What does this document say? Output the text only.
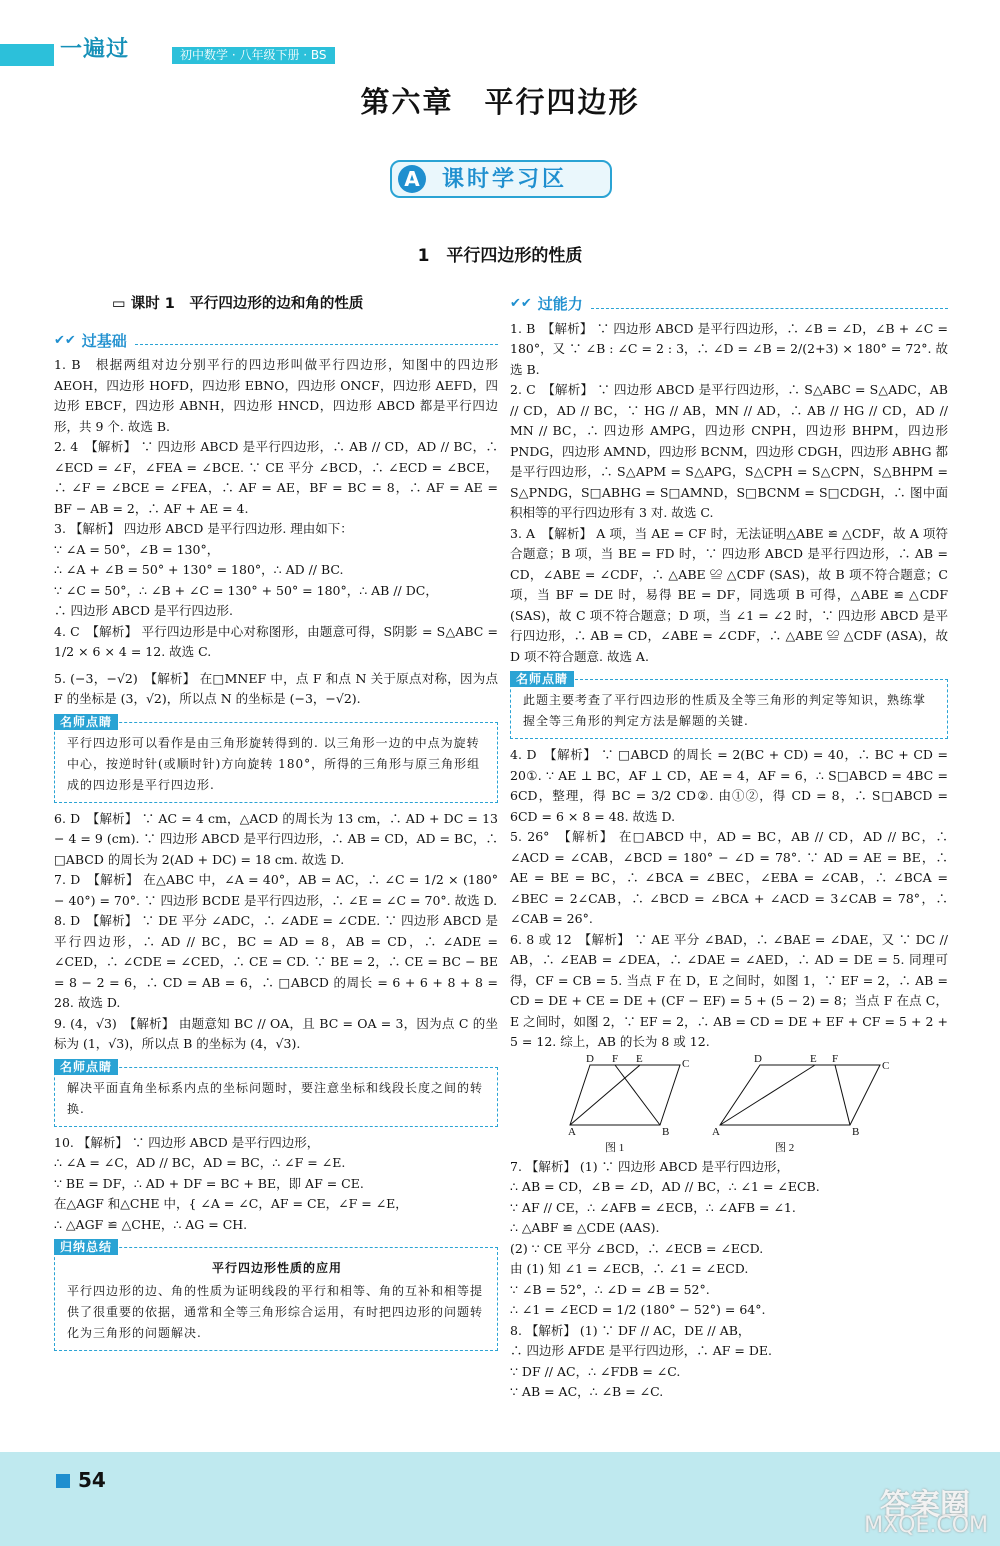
一遍过	初中数学 · 八年级下册 · BS
第六章　平行四边形
A 课时学习区
1　平行四边形的性质
▭ 课时 1　平行四边形的边和角的性质
✔✔ 过基础

1. B　根据两组对边分别平行的四边形叫做平行四边形，知图中的四边形 AEOH，四边形 HOFD，四边形 EBNO，四边形 ONCF，四边形 AEFD，四边形 EBCF，四边形 ABNH，四边形 HNCD，四边形 ABCD 都是平行四边形，共 9 个. 故选 B.

2. 4　【解析】 ∵ 四边形 ABCD 是平行四边形，∴ AB // CD，AD // BC，∴ ∠ECD = ∠F，∠FEA = ∠BCE. ∵ CE 平分 ∠BCD，∴ ∠ECD = ∠BCE，∴ ∠F = ∠BCE = ∠FEA，∴ AF = AE，BF = BC = 8，∴ AF = AE = BF − AB = 2，∴ AF + AE = 4.

3. 【解析】 四边形 ABCD 是平行四边形. 理由如下：

∵ ∠A = 50°，∠B = 130°，

∴ ∠A + ∠B = 50° + 130° = 180°，∴ AD // BC.

∵ ∠C = 50°，∴ ∠B + ∠C = 130° + 50° = 180°，∴ AB // DC，

∴ 四边形 ABCD 是平行四边形.

4. C　【解析】 平行四边形是中心对称图形，由题意可得，S阴影 = S△ABC = 1/2 × 6 × 4 = 12. 故选 C.

5. (−3，−√2)　【解析】 在□MNEF 中，点 F 和点 N 关于原点对称，因为点 F 的坐标是 (3，√2)，所以点 N 的坐标是 (−3，−√2).

名师点睛
平行四边形可以看作是由三角形旋转得到的. 以三角形一边的中点为旋转中心，按逆时针(或顺时针)方向旋转 180°，所得的三角形与原三角形组成的四边形是平行四边形.

6. D　【解析】 ∵ AC = 4 cm，△ACD 的周长为 13 cm，∴ AD + DC = 13 − 4 = 9 (cm). ∵ 四边形 ABCD 是平行四边形，∴ AB = CD，AD = BC，∴ □ABCD 的周长为 2(AD + DC) = 18 cm. 故选 D.

7. D　【解析】 在△ABC 中，∠A = 40°，AB = AC，∴ ∠C = 1/2 × (180° − 40°) = 70°. ∵ 四边形 BCDE 是平行四边形，∴ ∠E = ∠C = 70°. 故选 D.

8. D　【解析】 ∵ DE 平分 ∠ADC，∴ ∠ADE = ∠CDE. ∵ 四边形 ABCD 是平行四边形，∴ AD // BC，BC = AD = 8，AB = CD，∴ ∠ADE = ∠CED，∴ ∠CDE = ∠CED，∴ CE = CD. ∵ BE = 2，∴ CE = BC − BE = 8 − 2 = 6，∴ CD = AB = 6，∴ □ABCD 的周长 = 6 + 6 + 8 + 8 = 28. 故选 D.

9. (4，√3)　【解析】 由题意知 BC // OA，且 BC = OA = 3，因为点 C 的坐标为 (1，√3)，所以点 B 的坐标为 (4，√3).

名师点睛
解决平面直角坐标系内点的坐标问题时，要注意坐标和线段长度之间的转换.

10. 【解析】 ∵ 四边形 ABCD 是平行四边形，

∴ ∠A = ∠C，AD // BC，AD = BC，∴ ∠F = ∠E.

∵ BE = DF，∴ AD + DF = BC + BE，即 AF = CE.

在△AGF 和△CHE 中，{ ∠A = ∠C，AF = CE，∠F = ∠E，

∴ △AGF ≌ △CHE，∴ AG = CH.

归纳总结
平行四边形性质的应用
平行四边形的边、角的性质为证明线段的平行和相等、角的互补和相等提供了很重要的依据，通常和全等三角形综合运用，有时把四边形的问题转化为三角形的问题解决.
✔✔ 过能力

1. B　【解析】 ∵ 四边形 ABCD 是平行四边形，∴ ∠B = ∠D，∠B + ∠C = 180°，又 ∵ ∠B : ∠C = 2 : 3，∴ ∠D = ∠B = 2/(2+3) × 180° = 72°. 故选 B.

2. C　【解析】 ∵ 四边形 ABCD 是平行四边形，∴ S△ABC = S△ADC，AB // CD，AD // BC，∵ HG // AB，MN // AD，∴ AB // HG // CD，AD // MN // BC，∴ 四边形 AMPG，四边形 CNPH，四边形 BHPM，四边形 PNDG，四边形 AMND，四边形 BCNM，四边形 CDGH，四边形 ABHG 都是平行四边形，∴ S△APM = S△APG，S△CPH = S△CPN，S△BHPM = S△PNDG，S□ABHG = S□AMND，S□BCNM = S□CDGH，∴ 图中面积相等的平行四边形有 3 对. 故选 C.

3. A　【解析】 A 项，当 AE = CF 时，无法证明△ABE ≌ △CDF，故 A 项符合题意；B 项，当 BE = FD 时，∵ 四边形 ABCD 是平行四边形，∴ AB = CD，∠ABE = ∠CDF，∴ △ABE ≌ △CDF (SAS)，故 B 项不符合题意；C 项，当 BF = DE 时，易得 BE = DF，同选项 B 可得，△ABE ≌ △CDF (SAS)，故 C 项不符合题意；D 项，当 ∠1 = ∠2 时，∵ 四边形 ABCD 是平行四边形，∴ AB = CD，∠ABE = ∠CDF，∴ △ABE ≌ △CDF (ASA)，故 D 项不符合题意. 故选 A.

名师点睛
此题主要考查了平行四边形的性质及全等三角形的判定等知识，熟练掌握全等三角形的判定方法是解题的关键.

4. D　【解析】 ∵ □ABCD 的周长 = 2(BC + CD) = 40，∴ BC + CD = 20①. ∵ AE ⊥ BC，AF ⊥ CD，AE = 4，AF = 6，∴ S□ABCD = 4BC = 6CD，整理，得 BC = 3/2 CD②. 由①②，得 CD = 8，∴ S□ABCD = 6CD = 6 × 8 = 48. 故选 D.

5. 26°　【解析】 在□ABCD 中，AD = BC，AB // CD，AD // BC，∴ ∠ACD = ∠CAB，∠BCD = 180° − ∠D = 78°. ∵ AD = AE = BE，∴ AE = BE = BC，∴ ∠BCA = ∠BEC，∠EBA = ∠CAB，∴ ∠BCA = ∠BEC = 2∠CAB，∴ ∠BCD = ∠BCA + ∠ACD = 3∠CAB = 78°，∴ ∠CAB = 26°.

6. 8 或 12　【解析】 ∵ AE 平分 ∠BAD，∴ ∠BAE = ∠DAE，又 ∵ DC // AB，∴ ∠EAB = ∠DEA，∴ ∠DAE = ∠AED，∴ AD = DE = 5. 同理可得，CF = CB = 5. 当点 F 在 D，E 之间时，如图 1，∵ EF = 2，∴ AB = CD = DE + CE = DE + (CF − EF) = 5 + (5 − 2) = 8；当点 F 在点 C，E 之间时，如图 2，∵ EF = 2，∴ AB = CD = DE + EF + CF = 5 + 2 + 5 = 12. 综上，AB 的长为 8 或 12.

D F E	C
A	B
D	E F
C
A	B
图 1	图 2

7. 【解析】 (1) ∵ 四边形 ABCD 是平行四边形，

∴ AB = CD，∠B = ∠D，AD // BC，∴ ∠1 = ∠ECB.

∵ AF // CE，∴ ∠AFB = ∠ECB，∴ ∠AFB = ∠1.

∴ △ABF ≌ △CDE (AAS).

(2) ∵ CE 平分 ∠BCD，∴ ∠ECB = ∠ECD.

由 (1) 知 ∠1 = ∠ECB，∴ ∠1 = ∠ECD.

∵ ∠B = 52°，∴ ∠D = ∠B = 52°.

∴ ∠1 = ∠ECD = 1/2 (180° − 52°) = 64°.

8. 【解析】 (1) ∵ DF // AC，DE // AB，

∴ 四边形 AFDE 是平行四边形，∴ AF = DE.

∵ DF // AC，∴ ∠FDB = ∠C.

∵ AB = AC，∴ ∠B = ∠C.

54
答案圈
MXQE.COM
